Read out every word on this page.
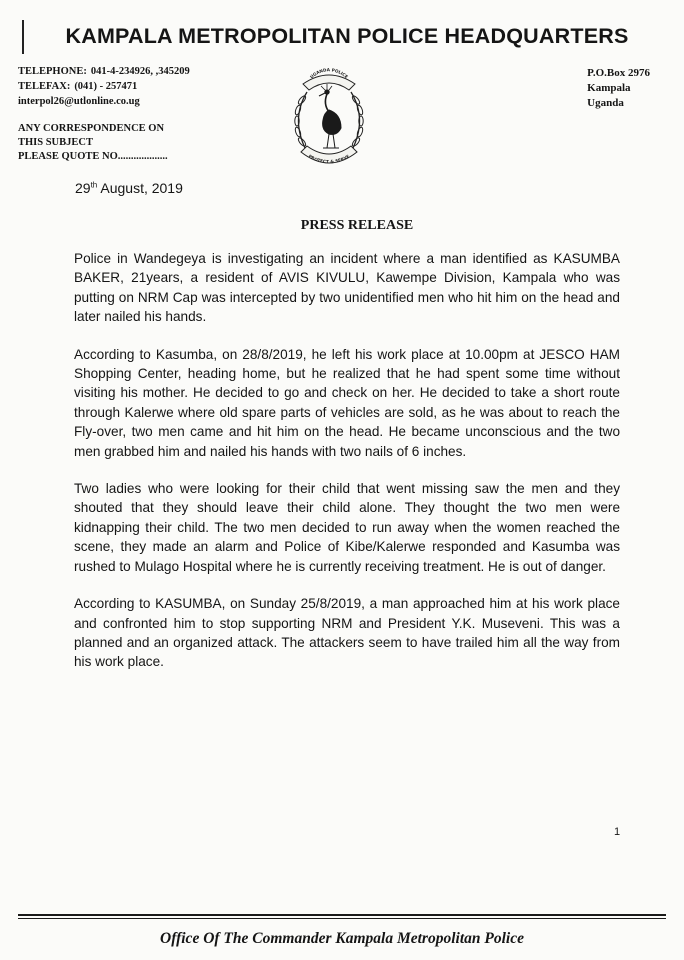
KAMPALA METROPOLITAN POLICE HEADQUARTERS
TELEPHONE: 041-4-234926, ,345209
TELEFAX: (041) - 257471
interpol26@utlonline.co.ug
ANY CORRESPONDENCE ON
THIS SUBJECT
PLEASE QUOTE NO...................
P.O.Box 2976
Kampala
Uganda
UGANDA POLICE
PROTECT & SERVE
29th August, 2019
PRESS RELEASE

Police in Wandegeya is investigating an incident where a man identified as KASUMBA BAKER, 21years, a resident of AVIS KIVULU, Kawempe Division, Kampala who was putting on NRM Cap was intercepted by two unidentified men who hit him on the head and later nailed his hands.

According to Kasumba, on 28/8/2019, he left his work place at 10.00pm at JESCO HAM Shopping Center, heading home, but he realized that he had spent some time without visiting his mother. He decided to go and check on her. He decided to take a short route through Kalerwe where old spare parts of vehicles are sold, as he was about to reach the Fly-over, two men came and hit him on the head. He became unconscious and the two men grabbed him and nailed his hands with two nails of 6 inches.

Two ladies who were looking for their child that went missing saw the men and they shouted that they should leave their child alone. They thought the two men were kidnapping their child. The two men decided to run away when the women reached the scene, they made an alarm and Police of Kibe/Kalerwe responded and Kasumba was rushed to Mulago Hospital where he is currently receiving treatment. He is out of danger.

According to KASUMBA, on Sunday 25/8/2019, a man approached him at his work place and confronted him to stop supporting NRM and President Y.K. Museveni. This was a planned and an organized attack. The attackers seem to have trailed him all the way from his work place.

1
Office Of The Commander Kampala Metropolitan Police
